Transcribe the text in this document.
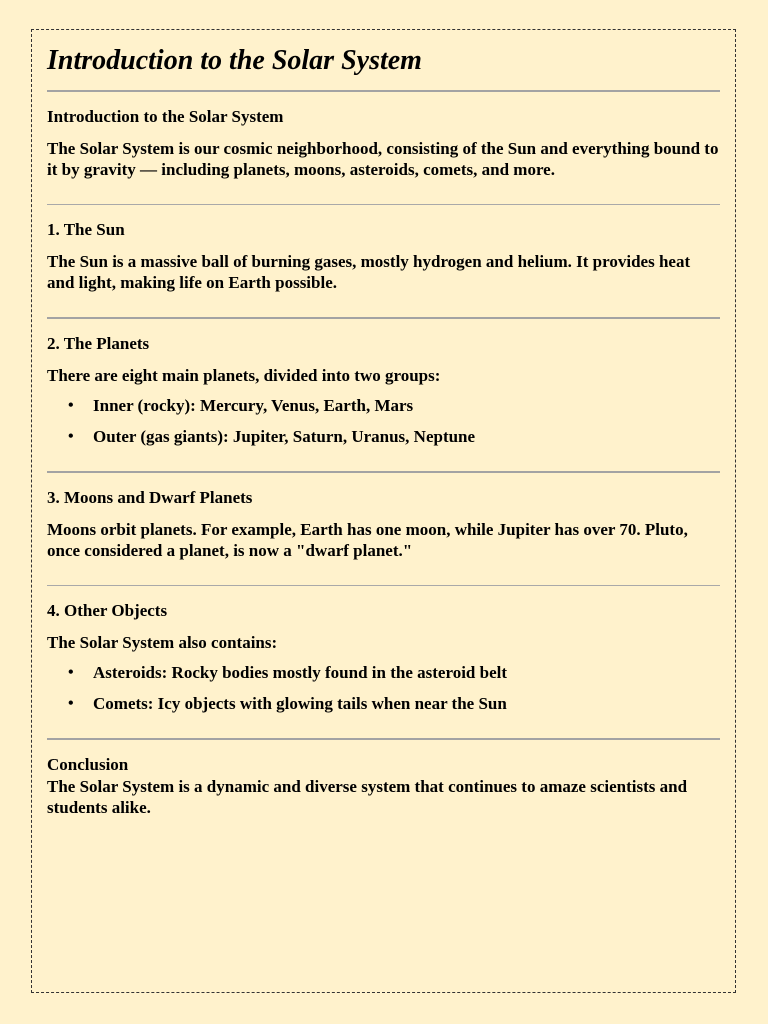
Introduction to the Solar System

Introduction to the Solar System

The Solar System is our cosmic neighborhood, consisting of the Sun and everything bound to it by gravity — including planets, moons, asteroids, comets, and more.

1. The Sun

The Sun is a massive ball of burning gases, mostly hydrogen and helium. It provides heat and light, making life on Earth possible.

2. The Planets

There are eight main planets, divided into two groups:

• Inner (rocky): Mercury, Venus, Earth, Mars
• Outer (gas giants): Jupiter, Saturn, Uranus, Neptune

3. Moons and Dwarf Planets

Moons orbit planets. For example, Earth has one moon, while Jupiter has over 70. Pluto, once considered a planet, is now a "dwarf planet."

4. Other Objects

The Solar System also contains:

• Asteroids: Rocky bodies mostly found in the asteroid belt
• Comets: Icy objects with glowing tails when near the Sun

Conclusion

The Solar System is a dynamic and diverse system that continues to amaze scientists and students alike.
